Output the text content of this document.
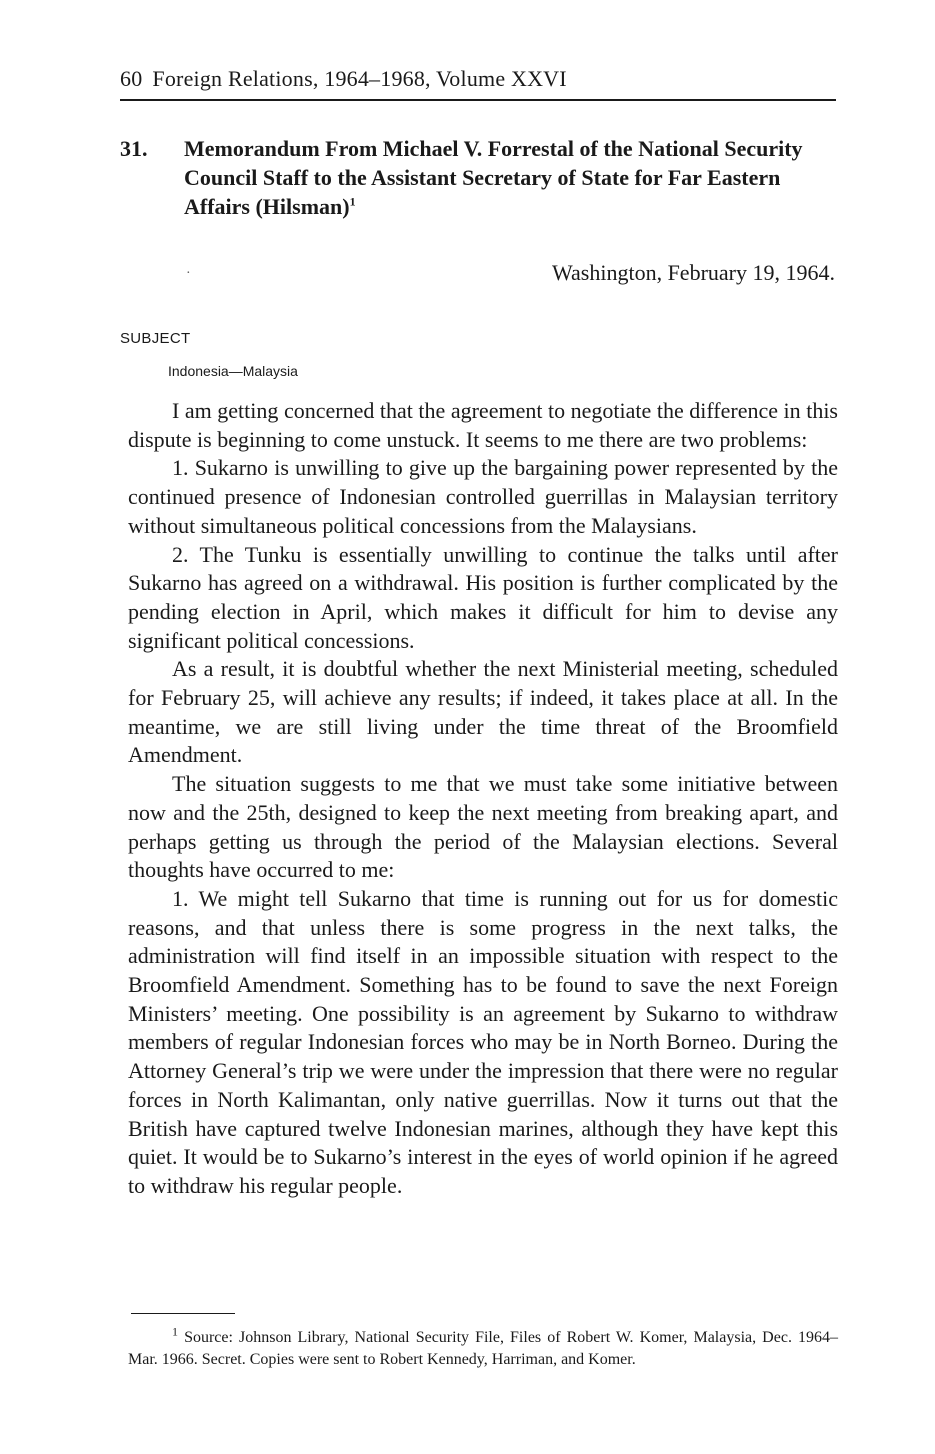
60 Foreign Relations, 1964–1968, Volume XXVI
31. Memorandum From Michael V. Forrestal of the National Security Council Staff to the Assistant Secretary of State for Far Eastern Affairs (Hilsman)$^1$
·	Washington, February 19, 1964.
SUBJECT
Indonesia—Malaysia

I am getting concerned that the agreement to negotiate the difference in this dispute is beginning to come unstuck. It seems to me there are two problems:

1. Sukarno is unwilling to give up the bargaining power represented by the continued presence of Indonesian controlled guerrillas in Malaysian territory without simultaneous political concessions from the Malaysians.

2. The Tunku is essentially unwilling to continue the talks until after Sukarno has agreed on a withdrawal. His position is further complicated by the pending election in April, which makes it difficult for him to devise any significant political concessions.

As a result, it is doubtful whether the next Ministerial meeting, scheduled for February 25, will achieve any results; if indeed, it takes place at all. In the meantime, we are still living under the time threat of the Broomfield Amendment.

The situation suggests to me that we must take some initiative between now and the 25th, designed to keep the next meeting from breaking apart, and perhaps getting us through the period of the Malaysian elections. Several thoughts have occurred to me:

1. We might tell Sukarno that time is running out for us for domestic reasons, and that unless there is some progress in the next talks, the administration will find itself in an impossible situation with respect to the Broomfield Amendment. Something has to be found to save the next Foreign Ministers’ meeting. One possibility is an agreement by Sukarno to withdraw members of regular Indonesian forces who may be in North Borneo. During the Attorney General’s trip we were under the impression that there were no regular forces in North Kalimantan, only native guerrillas. Now it turns out that the British have captured twelve Indonesian marines, although they have kept this quiet. It would be to Sukarno’s interest in the eyes of world opinion if he agreed to withdraw his regular people.

$^1$ Source: Johnson Library, National Security File, Files of Robert W. Komer, Malaysia, Dec. 1964–Mar. 1966. Secret. Copies were sent to Robert Kennedy, Harriman, and Komer.
